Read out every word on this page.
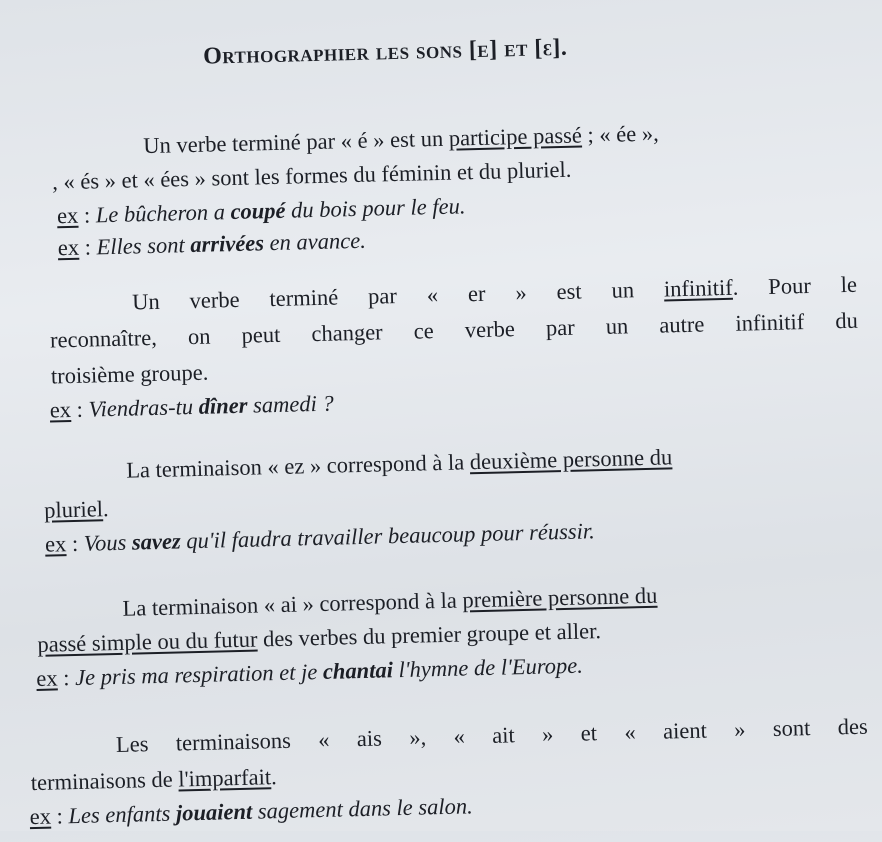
Orthographier les sons [e] et [ɛ].
Un verbe terminé par « é » est un participe passé ; « ée »,
, « és » et « ées » sont les formes du féminin et du pluriel.
ex : Le bûcheron a coupé du bois pour le feu.
ex : Elles sont arrivées en avance.
Un verbe terminé par « er » est un infinitif. Pour le
reconnaître, on peut changer ce verbe par un autre infinitif du
troisième groupe.
ex : Viendras-tu dîner samedi ?
La terminaison « ez » correspond à la deuxième personne du
pluriel.
ex : Vous savez qu'il faudra travailler beaucoup pour réussir.
La terminaison « ai » correspond à la première personne du
passé simple ou du futur des verbes du premier groupe et aller.
ex : Je pris ma respiration et je chantai l'hymne de l'Europe.
Les terminaisons « ais », « ait » et « aient » sont des
terminaisons de l'imparfait.
ex : Les enfants jouaient sagement dans le salon.
